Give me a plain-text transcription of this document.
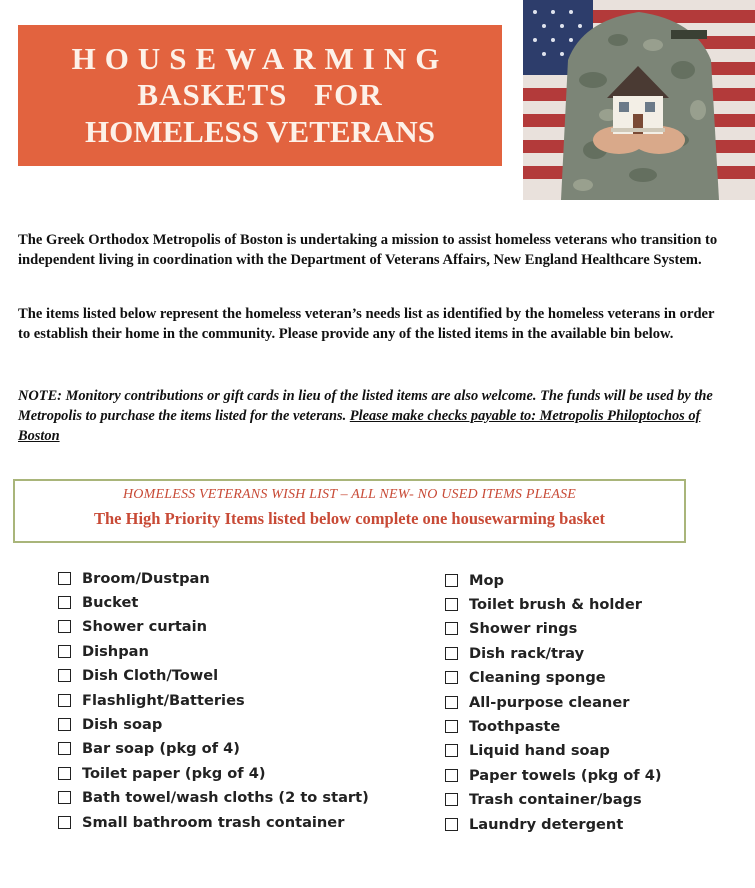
HOUSEWARMING
BASKETS FOR
HOMELESS VETERANS
The Greek Orthodox Metropolis of Boston is undertaking a mission to assist homeless veterans who transition to independent living in coordination with the Department of Veterans Affairs, New England Healthcare System.
The items listed below represent the homeless veteran’s needs list as identified by the homeless veterans in order to establish their home in the community. Please provide any of the listed items in the available bin below.
NOTE: Monitory contributions or gift cards in lieu of the listed items are also welcome. The funds will be used by the Metropolis to purchase the items listed for the veterans. Please make checks payable to: Metropolis Philoptochos of Boston
HOMELESS VETERANS WISH LIST – ALL NEW- NO USED ITEMS PLEASE
The High Priority Items listed below complete one housewarming basket
Broom/Dustpan
Bucket
Shower curtain
Dishpan
Dish Cloth/Towel
Flashlight/Batteries
Dish soap
Bar soap (pkg of 4)
Toilet paper (pkg of 4)
Bath towel/wash cloths (2 to start)
Small bathroom trash container
Mop
Toilet brush & holder
Shower rings
Dish rack/tray
Cleaning sponge
All-purpose cleaner
Toothpaste
Liquid hand soap
Paper towels (pkg of 4)
Trash container/bags
Laundry detergent
